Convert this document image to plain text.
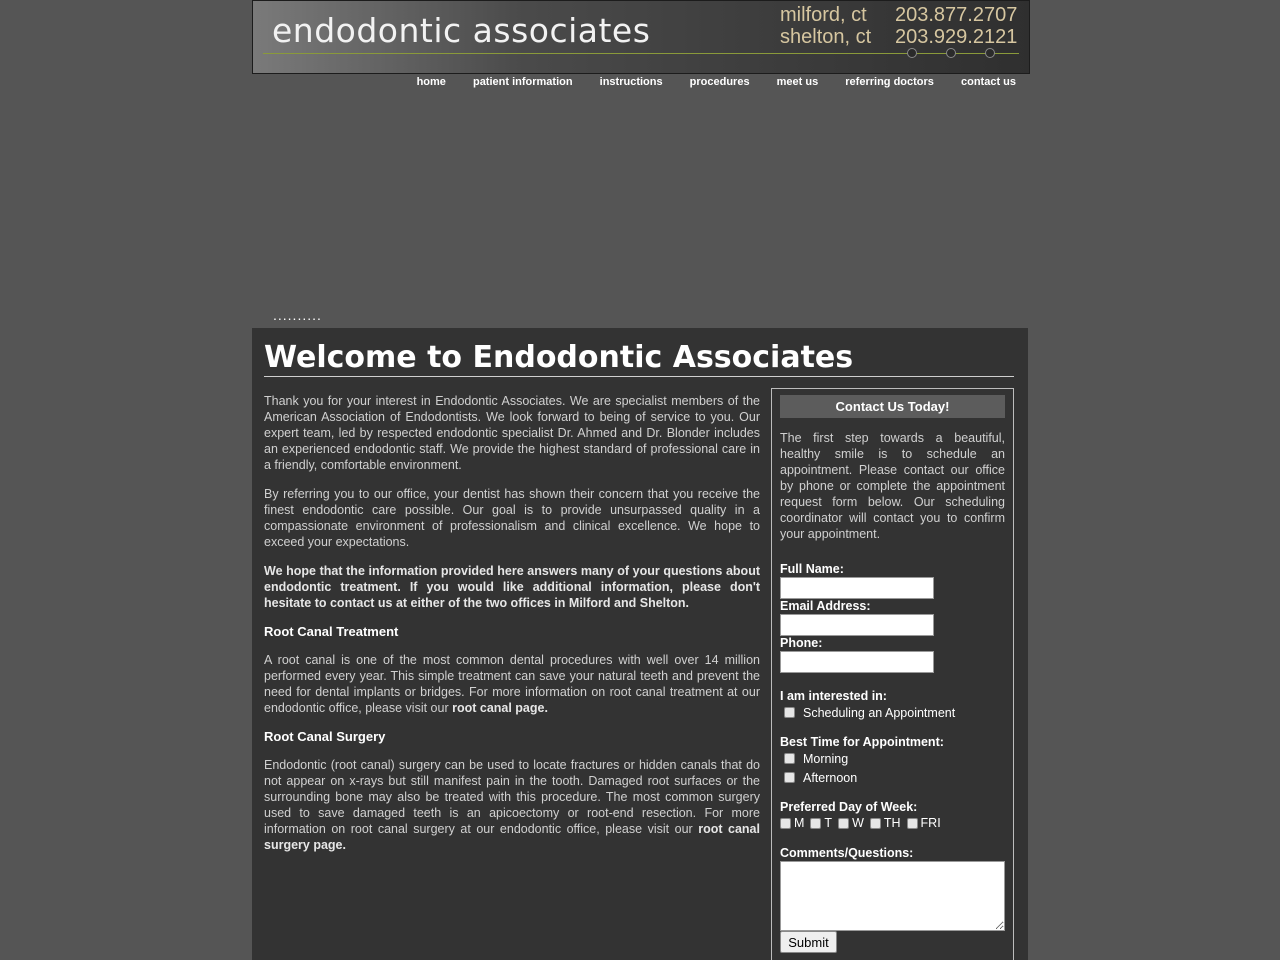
endodontic associates	milford, ct 203.877.2707
shelton, ct 203.929.2121
home patient information instructions procedures meet us referring doctors contact us
..........
Welcome to Endodontic Associates

Thank you for your interest in Endodontic Associates. We are specialist members of the American Association of Endodontists. We look forward to being of service to you. Our expert team, led by respected endodontic specialist Dr. Ahmed and Dr. Blonder includes an experienced endodontic staff. We provide the highest standard of professional care in a friendly, comfortable environment.

By referring you to our office, your dentist has shown their concern that you receive the finest endodontic care possible. Our goal is to provide unsurpassed quality in a compassionate environment of professionalism and clinical excellence. We hope to exceed your expectations.

We hope that the information provided here answers many of your questions about endodontic treatment. If you would like additional information, please don't hesitate to contact us at either of the two offices in Milford and Shelton.

Root Canal Treatment

A root canal is one of the most common dental procedures with well over 14 million performed every year. This simple treatment can save your natural teeth and prevent the need for dental implants or bridges. For more information on root canal treatment at our endodontic office, please visit our root canal page.

Root Canal Surgery

Endodontic (root canal) surgery can be used to locate fractures or hidden canals that do not appear on x-rays but still manifest pain in the tooth. Damaged root surfaces or the surrounding bone may also be treated with this procedure. The most common surgery used to save damaged teeth is an apicoectomy or root-end resection. For more information on root canal surgery at our endodontic office, please visit our root canal surgery page.

Contact Us Today!

The first step towards a beautiful, healthy smile is to schedule an appointment. Please contact our office by phone or complete the appointment request form below. Our scheduling coordinator will contact you to confirm your appointment.

Full Name:
Email Address:
Phone:
I am interested in:
Scheduling an Appointment
Best Time for Appointment:
Morning
Afternoon
Preferred Day of Week:
M T W TH FRI
Comments/Questions:
Submit
